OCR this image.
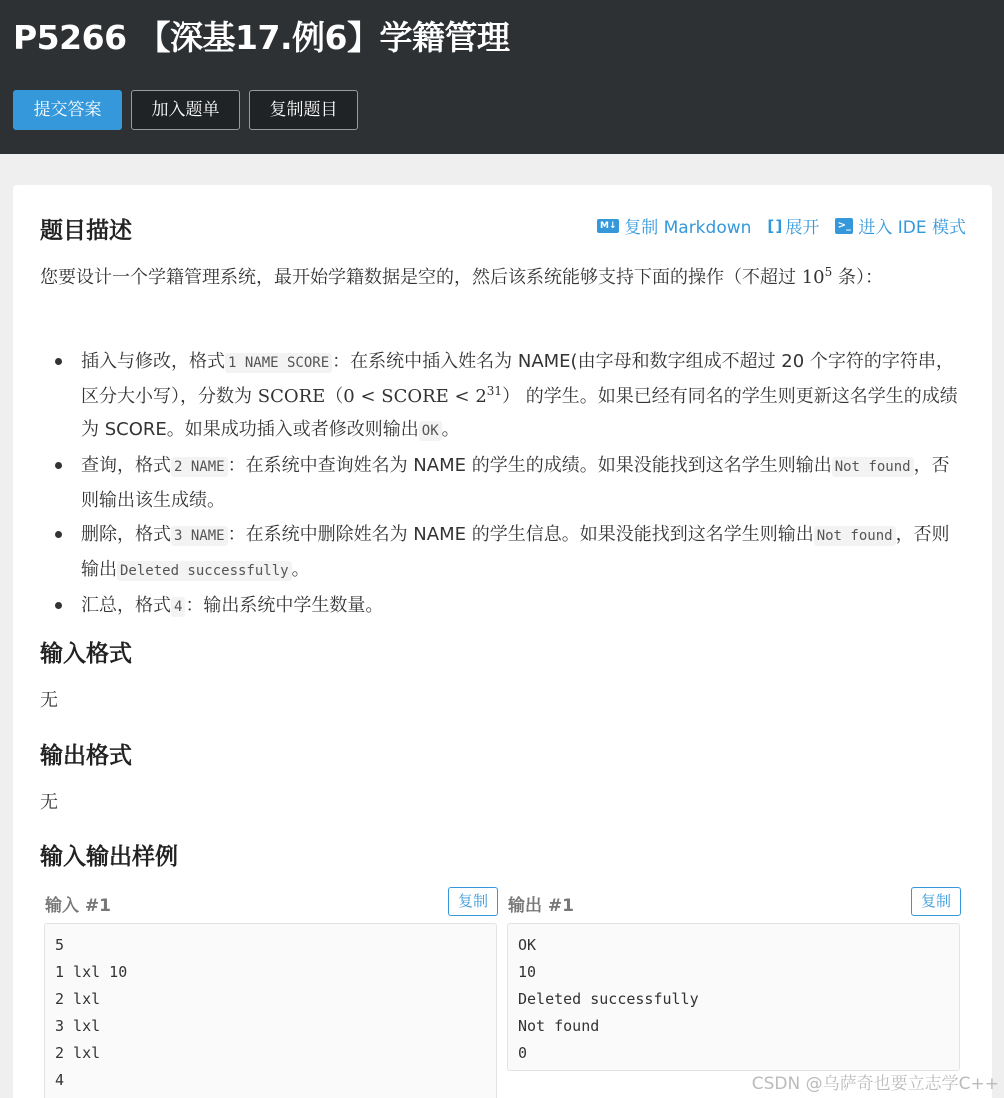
P5266 【深基17.例6】学籍管理
提交答案	加入题单	复制题目
题目描述	M↓ 复制 Markdown [ ] 展开 >_ 进入 IDE 模式
您要设计一个学籍管理系统，最开始学籍数据是空的，然后该系统能够支持下面的操作（不超过 $10^5$ 条）：
插入与修改，格式 1 NAME SCORE ：在系统中插入姓名为 NAME(由字母和数字组成不超过 20 个字符的字符串，区分大小写），分数为 SCORE（0 < SCORE < $2^{31}$） 的学生。如果已经有同名的学生则更新这名学生的成绩为 SCORE。如果成功插入或者修改则输出 OK 。
查询，格式 2 NAME ：在系统中查询姓名为 NAME 的学生的成绩。如果没能找到这名学生则输出 Not found ，否则输出该生成绩。
删除，格式 3 NAME ：在系统中删除姓名为 NAME 的学生信息。如果没能找到这名学生则输出 Not found ，否则输出 Deleted successfully 。
汇总，格式 4 ：输出系统中学生数量。
输入格式
无
输出格式
无
输入输出样例
输入 #1	复制
5
1 lxl 10
2 lxl
3 lxl
2 lxl
4
输出 #1	复制
OK
10
Deleted successfully
Not found
0
CSDN @乌萨奇也要立志学C++
